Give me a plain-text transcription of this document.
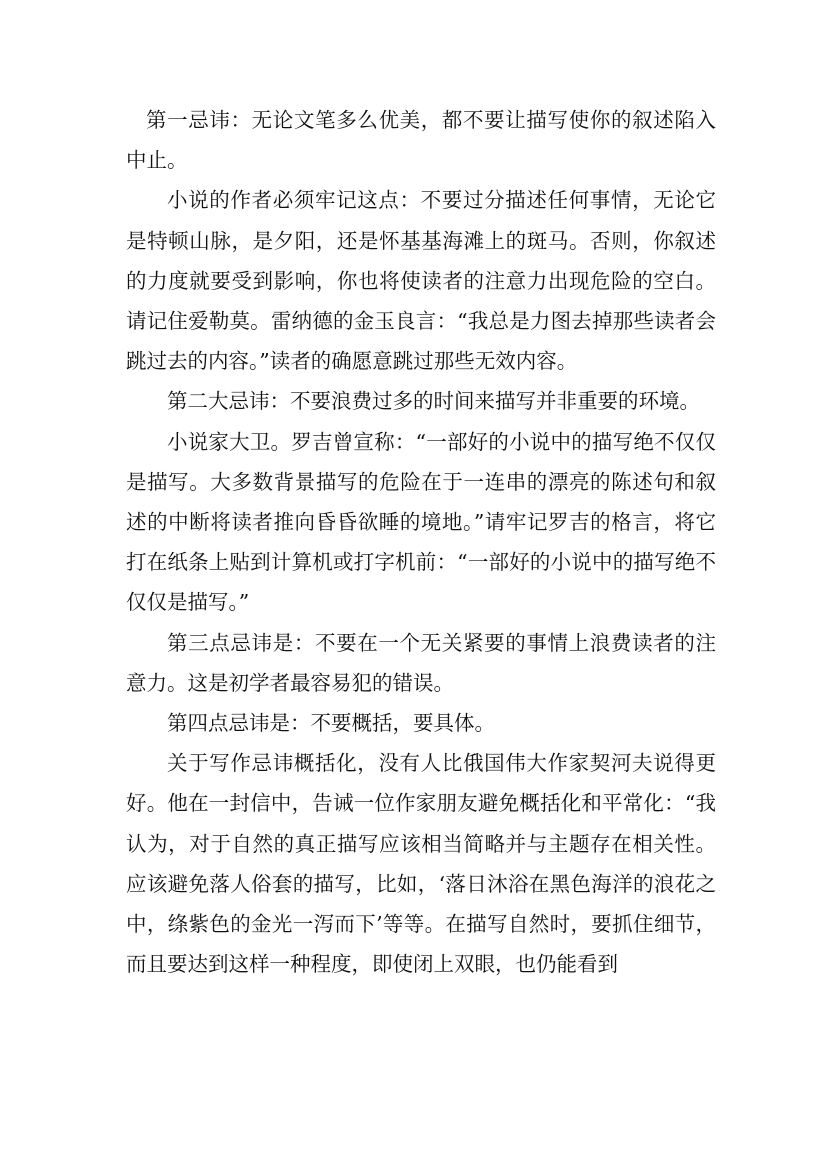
第一忌讳：无论文笔多么优美，都不要让描写使你的叙述陷入中止。

小说的作者必须牢记这点：不要过分描述任何事情，无论它是特顿山脉，是夕阳，还是怀基基海滩上的斑马。否则，你叙述的力度就要受到影响，你也将使读者的注意力出现危险的空白。请记住爱勒莫。雷纳德的金玉良言：“我总是力图去掉那些读者会跳过去的内容。”读者的确愿意跳过那些无效内容。

第二大忌讳：不要浪费过多的时间来描写并非重要的环境。

小说家大卫。罗吉曾宣称：“一部好的小说中的描写绝不仅仅是描写。大多数背景描写的危险在于一连串的漂亮的陈述句和叙述的中断将读者推向昏昏欲睡的境地。”请牢记罗吉的格言，将它打在纸条上贴到计算机或打字机前：“一部好的小说中的描写绝不仅仅是描写。”

第三点忌讳是：不要在一个无关紧要的事情上浪费读者的注意力。这是初学者最容易犯的错误。

第四点忌讳是：不要概括，要具体。

关于写作忌讳概括化，没有人比俄国伟大作家契河夫说得更好。他在一封信中，告诫一位作家朋友避免概括化和平常化：“我认为，对于自然的真正描写应该相当简略并与主题存在相关性。应该避免落人俗套的描写，比如，‘落日沐浴在黑色海洋的浪花之中，绦紫色的金光一泻而下’等等。在描写自然时，要抓住细节，而且要达到这样一种程度，即使闭上双眼，也仍能看到
